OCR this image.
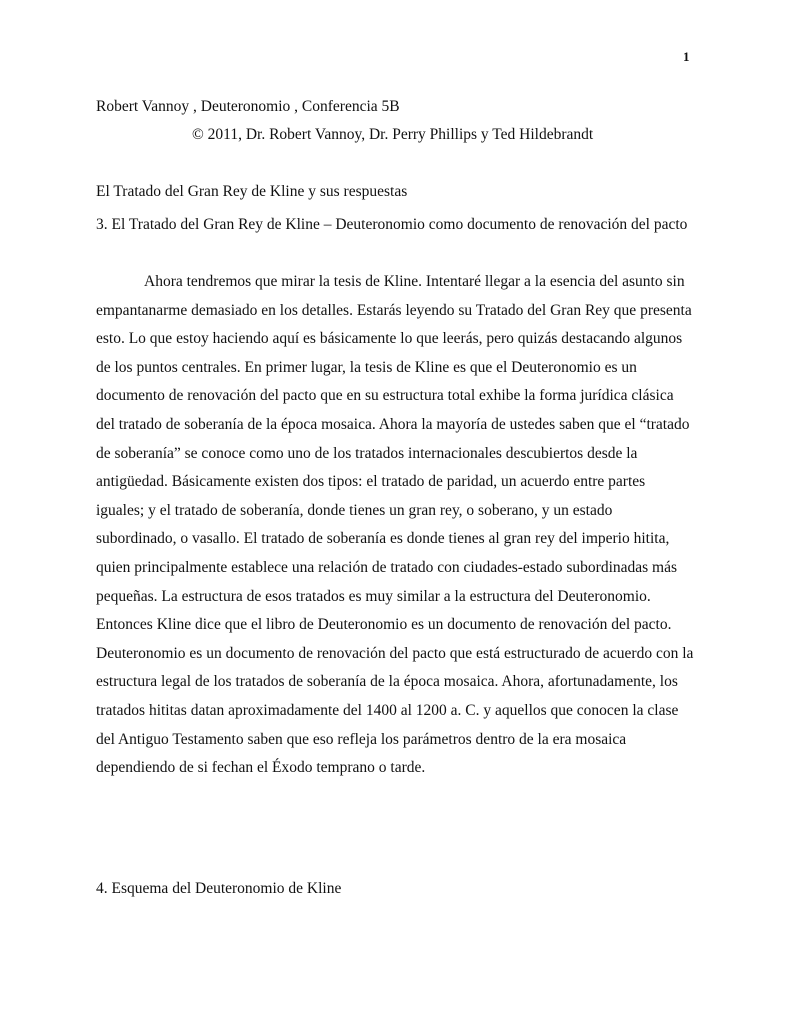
1
Robert Vannoy , Deuteronomio , Conferencia 5B
© 2011, Dr. Robert Vannoy, Dr. Perry Phillips y Ted Hildebrandt
El Tratado del Gran Rey de Kline y sus respuestas
3. El Tratado del Gran Rey de Kline – Deuteronomio como documento de renovación del pacto
Ahora tendremos que mirar la tesis de Kline. Intentaré llegar a la esencia del asunto sin empantanarme demasiado en los detalles. Estarás leyendo su Tratado del Gran Rey que presenta esto. Lo que estoy haciendo aquí es básicamente lo que leerás, pero quizás destacando algunos de los puntos centrales. En primer lugar, la tesis de Kline es que el Deuteronomio es un documento de renovación del pacto que en su estructura total exhibe la forma jurídica clásica del tratado de soberanía de la época mosaica. Ahora la mayoría de ustedes saben que el “tratado de soberanía” se conoce como uno de los tratados internacionales descubiertos desde la antigüedad. Básicamente existen dos tipos: el tratado de paridad, un acuerdo entre partes iguales; y el tratado de soberanía, donde tienes un gran rey, o soberano, y un estado subordinado, o vasallo. El tratado de soberanía es donde tienes al gran rey del imperio hitita, quien principalmente establece una relación de tratado con ciudades-estado subordinadas más pequeñas. La estructura de esos tratados es muy similar a la estructura del Deuteronomio. Entonces Kline dice que el libro de Deuteronomio es un documento de renovación del pacto. Deuteronomio es un documento de renovación del pacto que está estructurado de acuerdo con la estructura legal de los tratados de soberanía de la época mosaica. Ahora, afortunadamente, los tratados hititas datan aproximadamente del 1400 al 1200 a. C. y aquellos que conocen la clase del Antiguo Testamento saben que eso refleja los parámetros dentro de la era mosaica dependiendo de si fechan el Éxodo temprano o tarde.
4. Esquema del Deuteronomio de Kline
